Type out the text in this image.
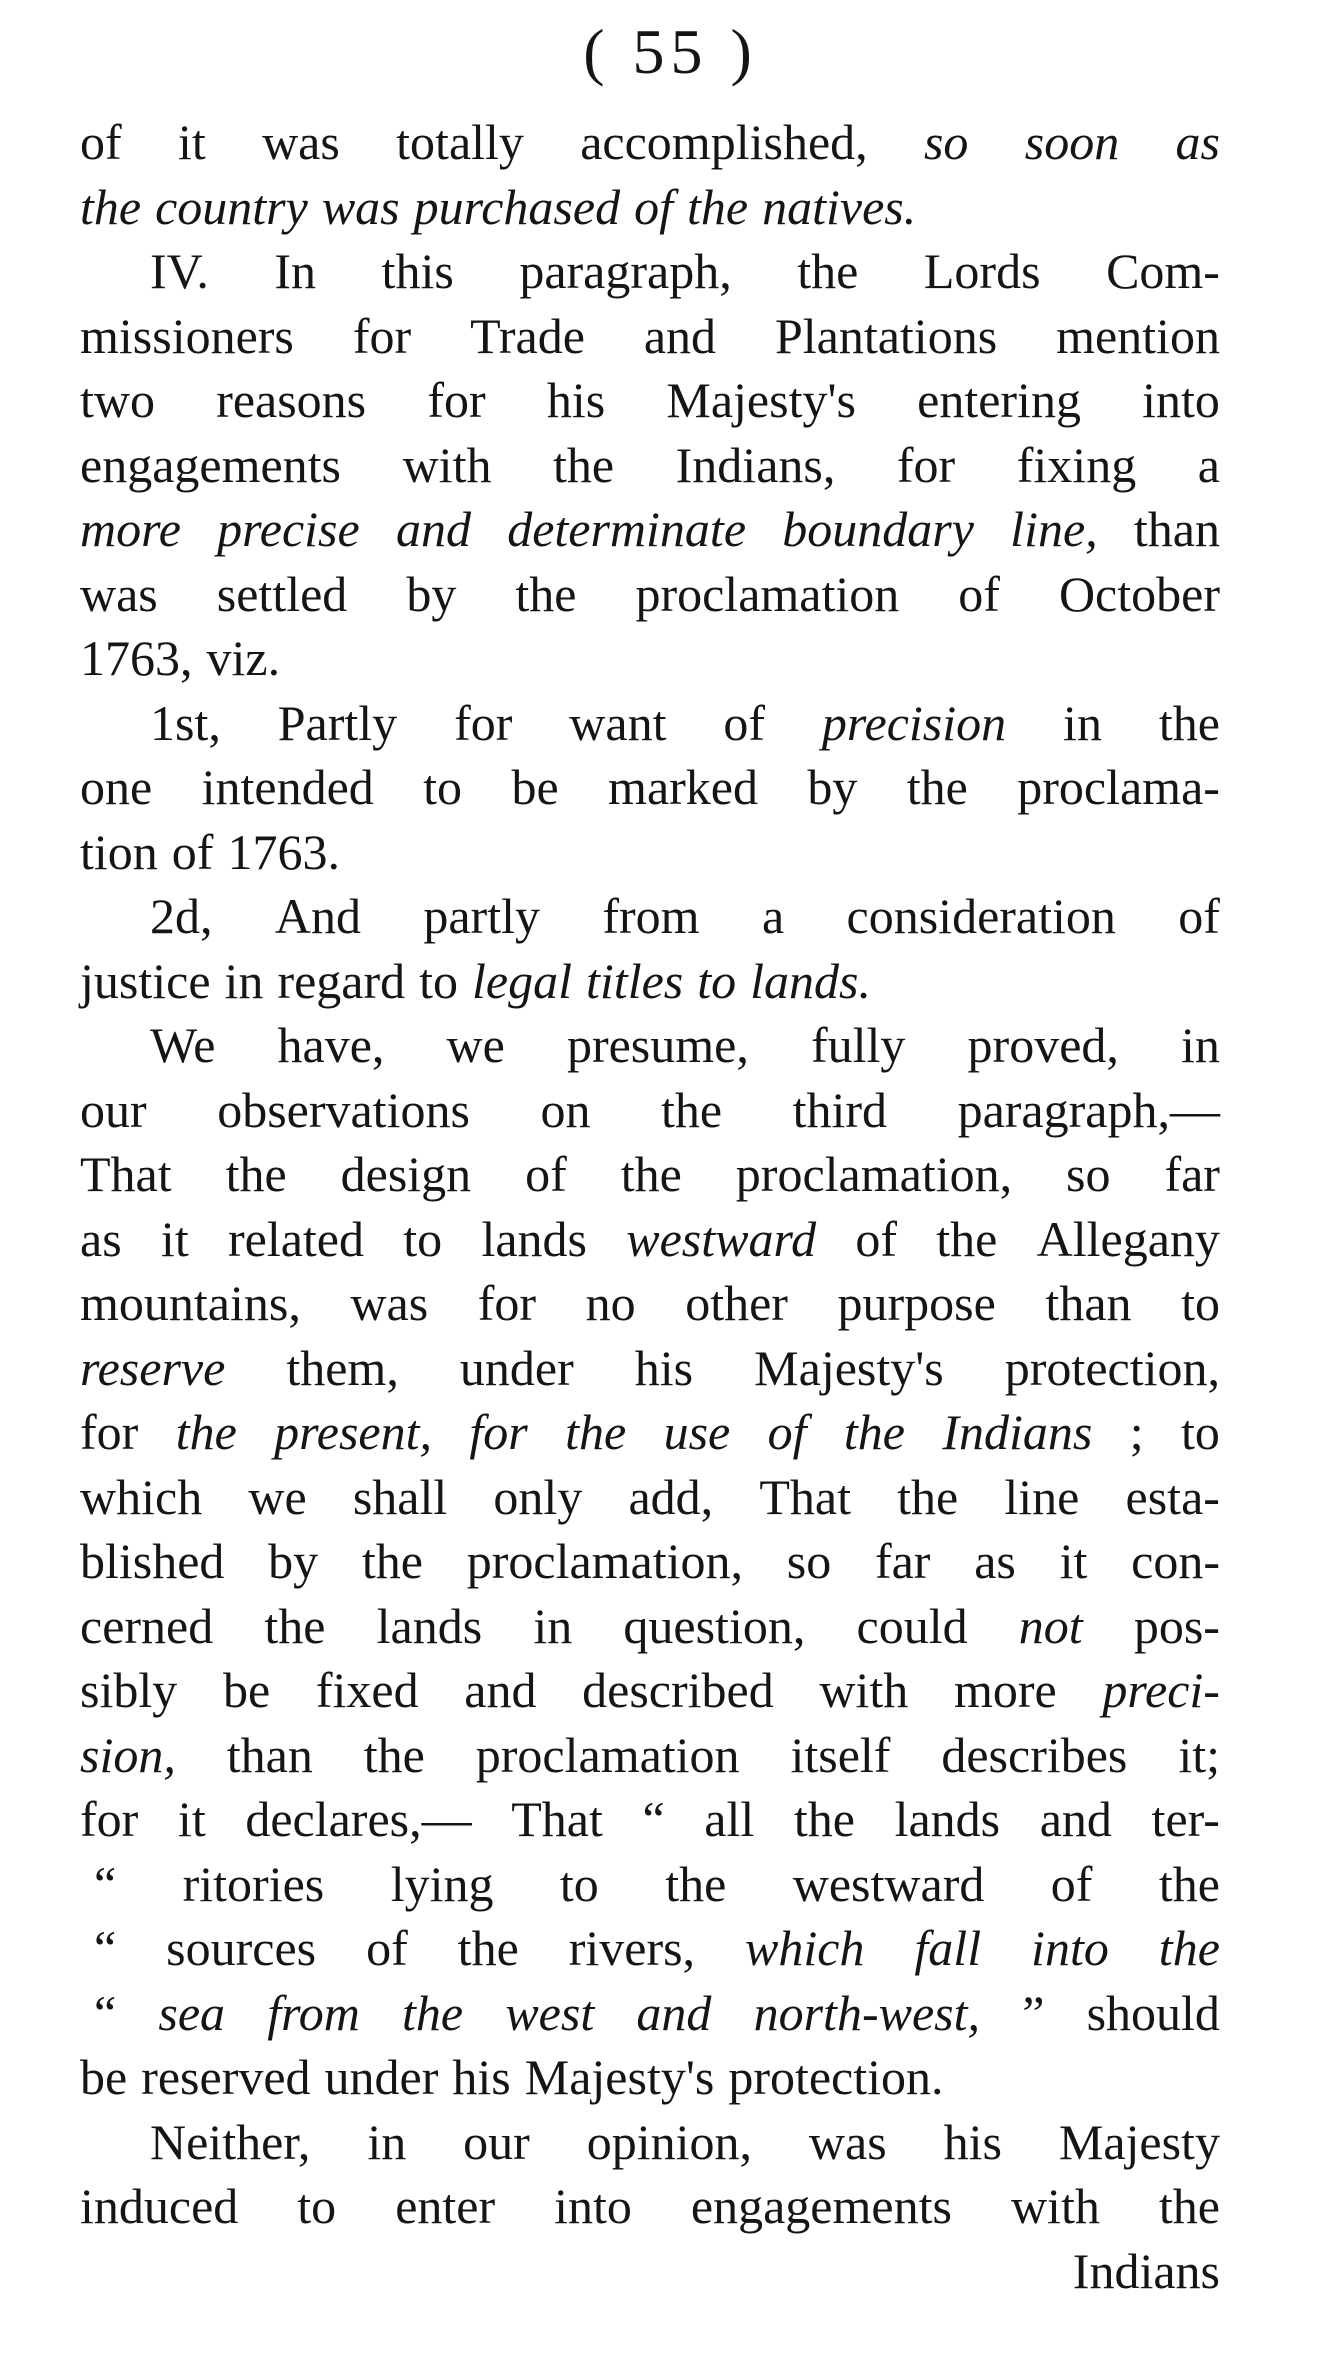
( 55 )
of it was totally accomplished, so soon as
the country was purchased of the natives.
IV. In this paragraph, the Lords Com-
missioners for Trade and Plantations mention
two reasons for his Majesty's entering into
engagements with the Indians, for fixing a
more precise and determinate boundary line, than
was settled by the proclamation of October
1763, viz.
1st, Partly for want of precision in the
one intended to be marked by the proclama-
tion of 1763.
2d, And partly from a consideration of
justice in regard to legal titles to lands.
We have, we presume, fully proved, in
our observations on the third paragraph,—
That the design of the proclamation, so far
as it related to lands westward of the Allegany
mountains, was for no other purpose than to
reserve them, under his Majesty's protection,
for the present, for the use of the Indians ; to
which we shall only add, That the line esta-
blished by the proclamation, so far as it con-
cerned the lands in question, could not pos-
sibly be fixed and described with more preci-
sion, than the proclamation itself describes it;
for it declares,— That “ all the lands and ter-
“ ritories lying to the westward of the
“ sources of the rivers, which fall into the
“ sea from the west and north-west, ” should
be reserved under his Majesty's protection.
Neither, in our opinion, was his Majesty
induced to enter into engagements with the
Indians
